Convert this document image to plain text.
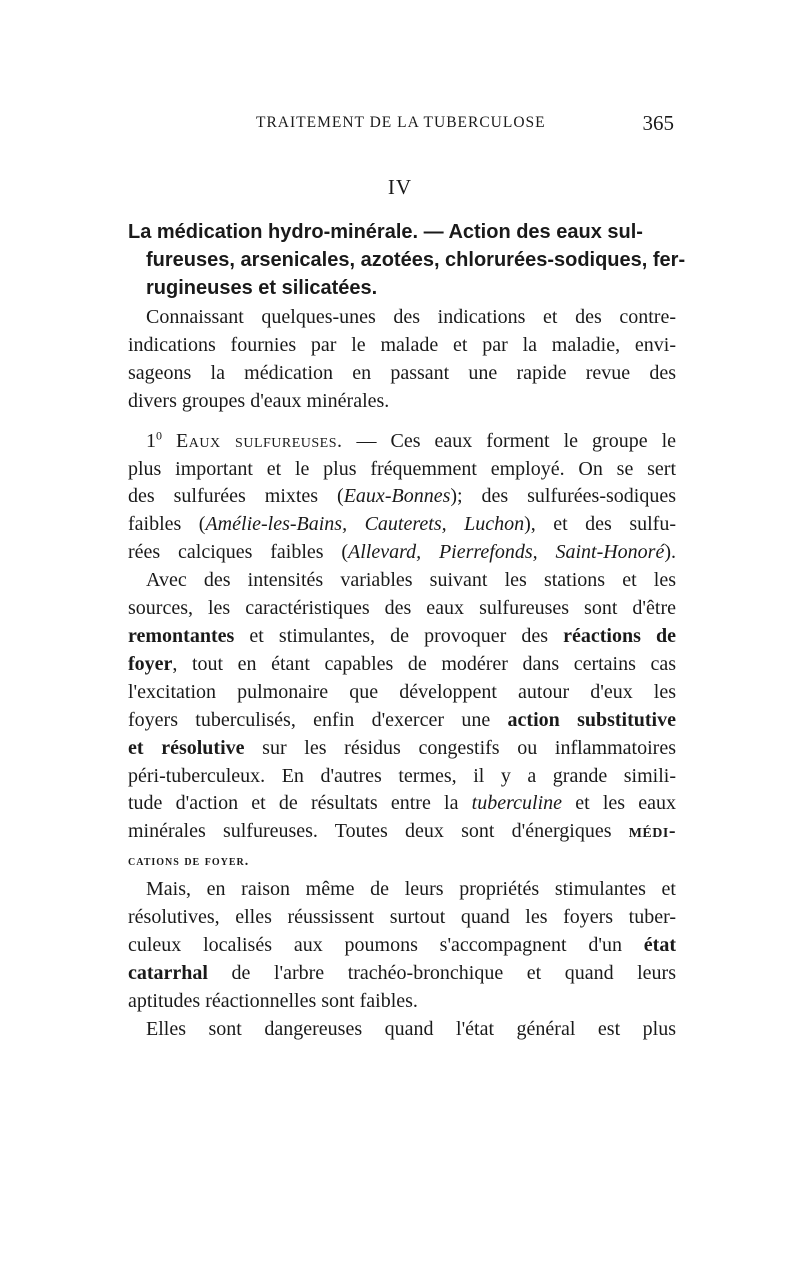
TRAITEMENT DE LA TUBERCULOSE	365
IV
La médication hydro-minérale. — Action des eaux sul-
fureuses, arsenicales, azotées, chlorurées-sodiques, fer-
rugineuses et silicatées.
Connaissant quelques-unes des indications et des contre-
indications fournies par le malade et par la maladie, envi-
sageons la médication en passant une rapide revue des
divers groupes d'eaux minérales.
$1^0$ Eaux sulfureuses. — Ces eaux forment le groupe le
plus important et le plus fréquemment employé. On se sert
des sulfurées mixtes (Eaux-Bonnes); des sulfurées-sodiques
faibles (Amélie-les-Bains, Cauterets, Luchon), et des sulfu-
rées calciques faibles (Allevard, Pierrefonds, Saint-Honoré).
Avec des intensités variables suivant les stations et les
sources, les caractéristiques des eaux sulfureuses sont d'être
remontantes et stimulantes, de provoquer des réactions de
foyer, tout en étant capables de modérer dans certains cas
l'excitation pulmonaire que développent autour d'eux les
foyers tuberculisés, enfin d'exercer une action substitutive
et résolutive sur les résidus congestifs ou inflammatoires
péri-tuberculeux. En d'autres termes, il y a grande simili-
tude d'action et de résultats entre la tuberculine et les eaux
minérales sulfureuses. Toutes deux sont d'énergiques médi-
cations de foyer.
Mais, en raison même de leurs propriétés stimulantes et
résolutives, elles réussissent surtout quand les foyers tuber-
culeux localisés aux poumons s'accompagnent d'un état
catarrhal de l'arbre trachéo-bronchique et quand leurs
aptitudes réactionnelles sont faibles.
Elles sont dangereuses quand l'état général est plus
